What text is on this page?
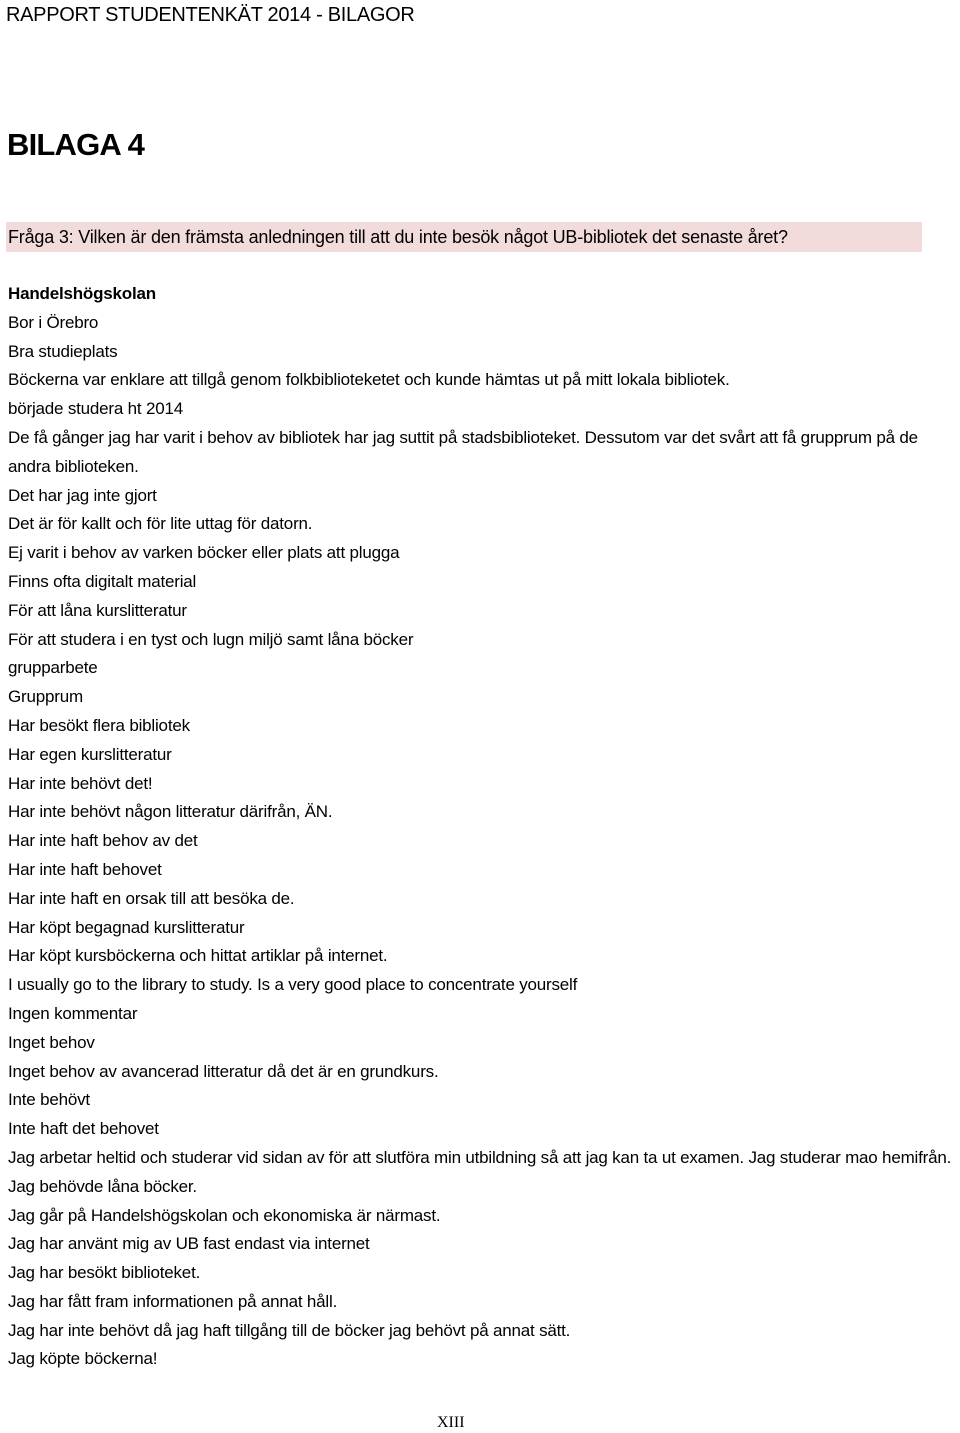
RAPPORT STUDENTENKÄT 2014 - BILAGOR
BILAGA 4
Fråga 3: Vilken är den främsta anledningen till att du inte besök något UB-bibliotek det senaste året?
Handelshögskolan
Bor i Örebro
Bra studieplats
Böckerna var enklare att tillgå genom folkbiblioteketet och kunde hämtas ut på mitt lokala bibliotek.
började studera ht 2014
De få gånger jag har varit i behov av bibliotek har jag suttit på stadsbiblioteket. Dessutom var det svårt att få grupprum på de andra biblioteken.
Det har jag inte gjort
Det är för kallt och för lite uttag för datorn.
Ej varit i behov av varken böcker eller plats att plugga
Finns ofta digitalt material
För att låna kurslitteratur
För att studera i en tyst och lugn miljö samt låna böcker
grupparbete
Grupprum
Har besökt flera bibliotek
Har egen kurslitteratur
Har inte behövt det!
Har inte behövt någon litteratur därifrån, ÄN.
Har inte haft behov av det
Har inte haft behovet
Har inte haft en orsak till att besöka de.
Har köpt begagnad kurslitteratur
Har köpt kursböckerna och hittat artiklar på internet.
I usually go to the library to study. Is a very good place to concentrate yourself
Ingen kommentar
Inget behov
Inget behov av avancerad litteratur då det är en grundkurs.
Inte behövt
Inte haft det behovet
Jag arbetar heltid och studerar vid sidan av för att slutföra min utbildning så att jag kan ta ut examen. Jag studerar mao hemifrån.
Jag behövde låna böcker.
Jag går på Handelshögskolan och ekonomiska är närmast.
Jag har använt mig av UB fast endast via internet
Jag har besökt biblioteket.
Jag har fått fram informationen på annat håll.
Jag har inte behövt då jag haft tillgång till de böcker jag behövt på annat sätt.
Jag köpte böckerna!
XIII
